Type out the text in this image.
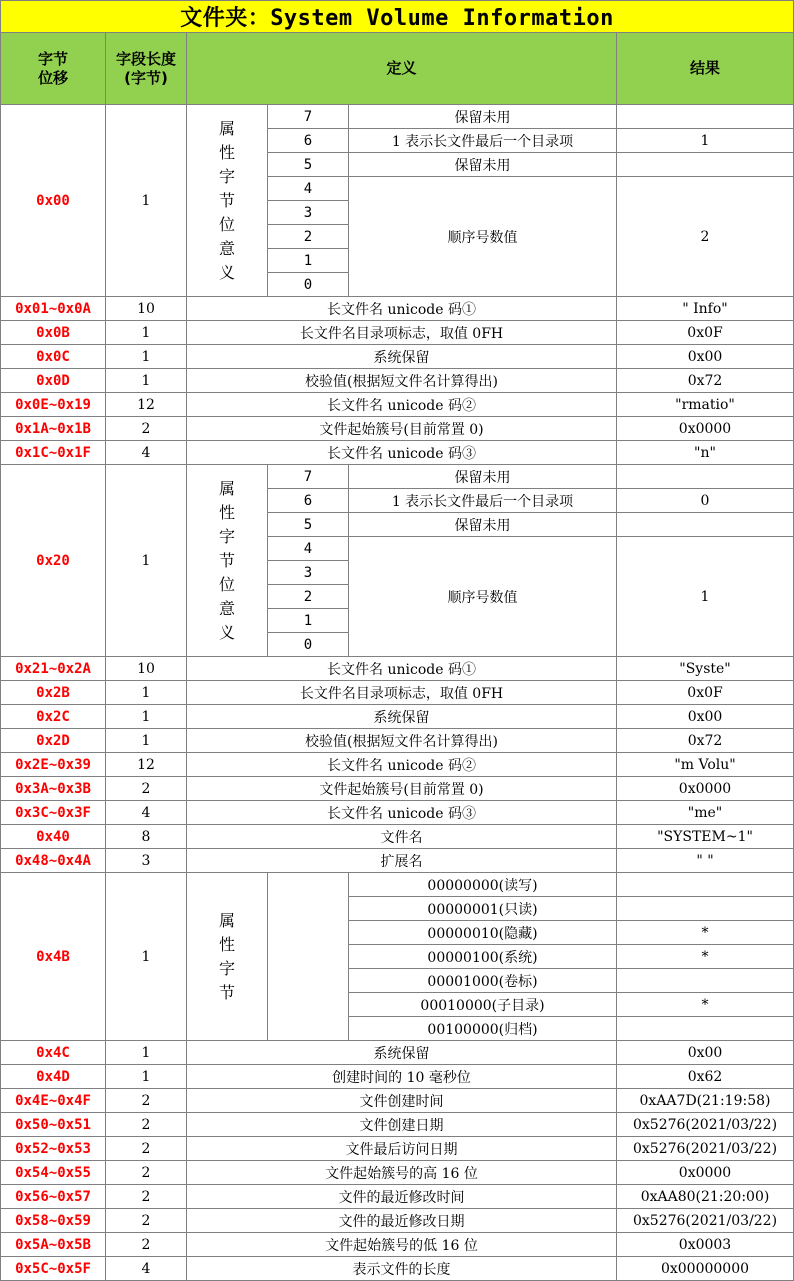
文件夹：System Volume Information					
字节位移	字段长度(字节)	定义			结果
0x00	1	属性字节位意义	7	保留未用	
			6	1 表示长文件最后一个目录项	1
			5	保留未用	
			4	顺序号数值	2
			3		
			2		
			1		
			0		
0x01~0x0A	10	长文件名 unicode 码①			" Info"
0x0B	1	长文件名目录项标志，取值 0FH			0x0F
0x0C	1	系统保留			0x00
0x0D	1	校验值(根据短文件名计算得出)			0x72
0x0E~0x19	12	长文件名 unicode 码②			"rmatio"
0x1A~0x1B	2	文件起始簇号(目前常置 0)			0x0000
0x1C~0x1F	4	长文件名 unicode 码③			"n"
0x20	1	属性字节位意义	7	保留未用	
			6	1 表示长文件最后一个目录项	0
			5	保留未用	
			4	顺序号数值	1
			3		
			2		
			1		
			0		
0x21~0x2A	10	长文件名 unicode 码①			"Syste"
0x2B	1	长文件名目录项标志，取值 0FH			0x0F
0x2C	1	系统保留			0x00
0x2D	1	校验值(根据短文件名计算得出)			0x72
0x2E~0x39	12	长文件名 unicode 码②			"m Volu"
0x3A~0x3B	2	文件起始簇号(目前常置 0)			0x0000
0x3C~0x3F	4	长文件名 unicode 码③			"me"
0x40	8	文件名			"SYSTEM~1"
0x48~0x4A	3	扩展名			" "
0x4B	1	属性字节		00000000(读写)	
				00000001(只读)	
				00000010(隐藏)	*
				00000100(系统)	*
				00001000(卷标)	
				00010000(子目录)	*
				00100000(归档)	
0x4C	1	系统保留			0x00
0x4D	1	创建时间的 10 毫秒位			0x62
0x4E~0x4F	2	文件创建时间			0xAA7D(21:19:58)
0x50~0x51	2	文件创建日期			0x5276(2021/03/22)
0x52~0x53	2	文件最后访问日期			0x5276(2021/03/22)
0x54~0x55	2	文件起始簇号的高 16 位			0x0000
0x56~0x57	2	文件的最近修改时间			0xAA80(21:20:00)
0x58~0x59	2	文件的最近修改日期			0x5276(2021/03/22)
0x5A~0x5B	2	文件起始簇号的低 16 位			0x0003
0x5C~0x5F	4	表示文件的长度			0x00000000
